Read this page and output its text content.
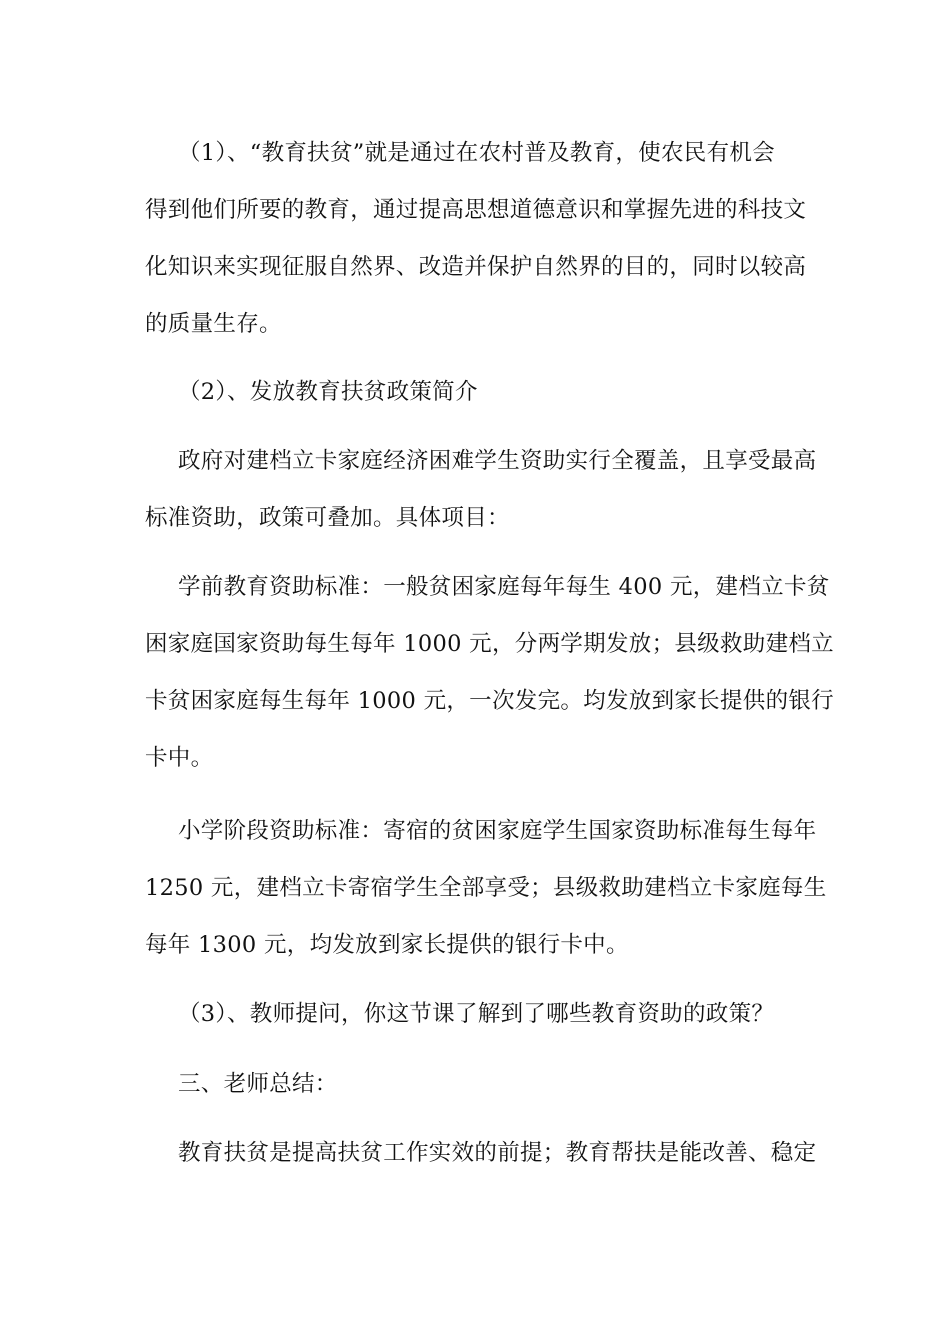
（1）、“教育扶贫”就是通过在农村普及教育，使农民有机会
得到他们所要的教育，通过提高思想道德意识和掌握先进的科技文
化知识来实现征服自然界、改造并保护自然界的目的，同时以较高
的质量生存。
（2）、发放教育扶贫政策简介
政府对建档立卡家庭经济困难学生资助实行全覆盖，且享受最高
标准资助，政策可叠加。具体项目：
学前教育资助标准：一般贫困家庭每年每生 400 元，建档立卡贫
困家庭国家资助每生每年 1000 元，分两学期发放；县级救助建档立
卡贫困家庭每生每年 1000 元，一次发完。均发放到家长提供的银行
卡中。
小学阶段资助标准：寄宿的贫困家庭学生国家资助标准每生每年
1250 元，建档立卡寄宿学生全部享受；县级救助建档立卡家庭每生
每年 1300 元，均发放到家长提供的银行卡中。
（3）、教师提问，你这节课了解到了哪些教育资助的政策？
三、老师总结：
教育扶贫是提高扶贫工作实效的前提；教育帮扶是能改善、稳定
